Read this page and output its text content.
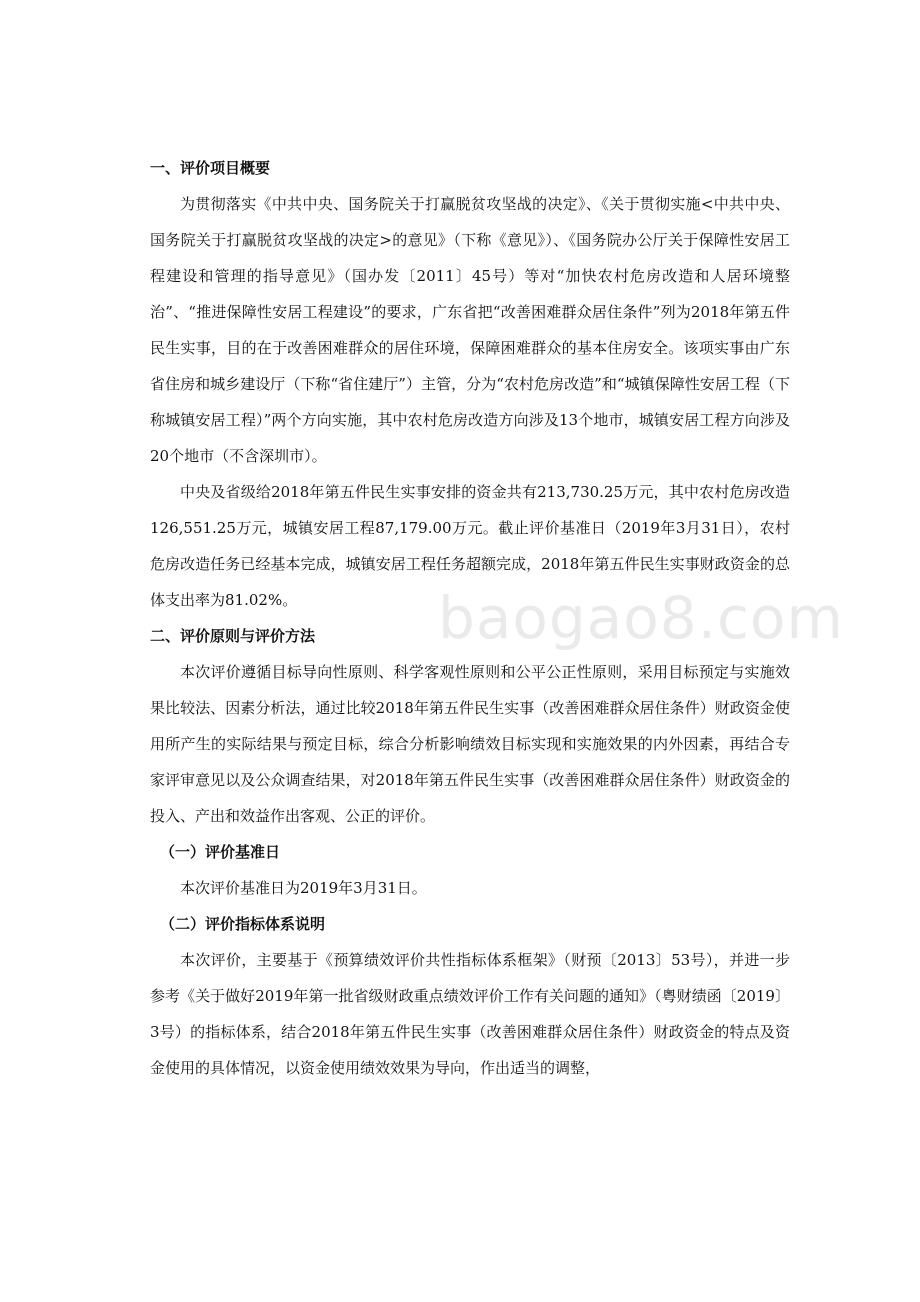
一、评价项目概要
为贯彻落实《中共中央、国务院关于打赢脱贫攻坚战的决定》、《关于贯彻实施<中共中央、国务院关于打赢脱贫攻坚战的决定>的意见》（下称《意见》）、《国务院办公厅关于保障性安居工程建设和管理的指导意见》（国办发〔2011〕45号）等对“加快农村危房改造和人居环境整治”、“推进保障性安居工程建设”的要求，广东省把“改善困难群众居住条件”列为2018年第五件民生实事，目的在于改善困难群众的居住环境，保障困难群众的基本住房安全。该项实事由广东省住房和城乡建设厅（下称“省住建厅”）主管，分为“农村危房改造”和“城镇保障性安居工程（下称城镇安居工程）”两个方向实施，其中农村危房改造方向涉及13个地市，城镇安居工程方向涉及20个地市（不含深圳市）。
中央及省级给2018年第五件民生实事安排的资金共有213,730.25万元，其中农村危房改造126,551.25万元，城镇安居工程87,179.00万元。截止评价基准日（2019年3月31日），农村危房改造任务已经基本完成，城镇安居工程任务超额完成，2018年第五件民生实事财政资金的总体支出率为81.02%。
二、评价原则与评价方法
本次评价遵循目标导向性原则、科学客观性原则和公平公正性原则，采用目标预定与实施效果比较法、因素分析法，通过比较2018年第五件民生实事（改善困难群众居住条件）财政资金使用所产生的实际结果与预定目标，综合分析影响绩效目标实现和实施效果的内外因素，再结合专家评审意见以及公众调查结果，对2018年第五件民生实事（改善困难群众居住条件）财政资金的投入、产出和效益作出客观、公正的评价。
（一）评价基准日
本次评价基准日为2019年3月31日。
（二）评价指标体系说明
本次评价，主要基于《预算绩效评价共性指标体系框架》（财预〔2013〕53号），并进一步参考《关于做好2019年第一批省级财政重点绩效评价工作有关问题的通知》（粤财绩函〔2019〕3号）的指标体系，结合2018年第五件民生实事（改善困难群众居住条件）财政资金的特点及资金使用的具体情况，以资金使用绩效效果为导向，作出适当的调整，
baogao8.com
